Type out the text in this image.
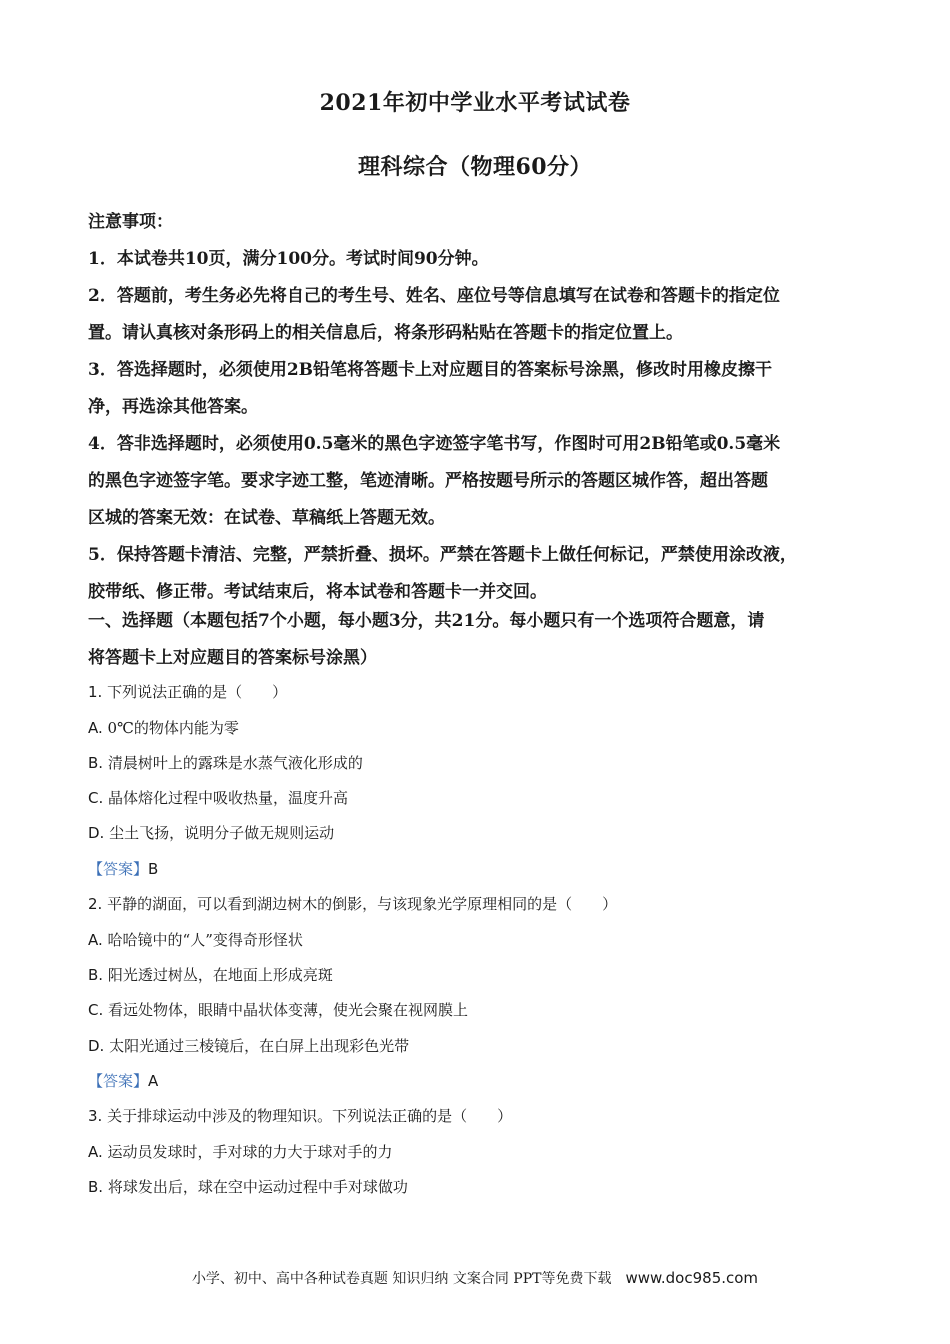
2021年初中学业水平考试试卷
理科综合（物理60分）
注意事项：
1．本试卷共10页，满分100分。考试时间90分钟。
2．答题前，考生务必先将自己的考生号、姓名、座位号等信息填写在试卷和答题卡的指定位
置。请认真核对条形码上的相关信息后，将条形码粘贴在答题卡的指定位置上。
3．答选择题时，必须使用2B铅笔将答题卡上对应题目的答案标号涂黑，修改时用橡皮擦干
净，再选涂其他答案。
4．答非选择题时，必须使用0.5毫米的黑色字迹签字笔书写，作图时可用2B铅笔或0.5毫米
的黑色字迹签字笔。要求字迹工整，笔迹清晰。严格按题号所示的答题区城作答，超出答题
区城的答案无效：在试卷、草稿纸上答题无效。
5．保持答题卡清洁、完整，严禁折叠、损坏。严禁在答题卡上做任何标记，严禁使用涂改液，
胶带纸、修正带。考试结束后，将本试卷和答题卡一并交回。
一、选择题（本题包括7个小题，每小题3分，共21分。每小题只有一个选项符合题意，请
将答题卡上对应题目的答案标号涂黑）
1. 下列说法正确的是（　　）
A. 0℃的物体内能为零
B. 清晨树叶上的露珠是水蒸气液化形成的
C. 晶体熔化过程中吸收热量，温度升高
D. 尘土飞扬，说明分子做无规则运动
【答案】B
2. 平静的湖面，可以看到湖边树木的倒影，与该现象光学原理相同的是（　　）
A. 哈哈镜中的“人”变得奇形怪状
B. 阳光透过树丛，在地面上形成亮斑
C. 看远处物体，眼睛中晶状体变薄，使光会聚在视网膜上
D. 太阳光通过三棱镜后，在白屏上出现彩色光带
【答案】A
3. 关于排球运动中涉及的物理知识。下列说法正确的是（　　）
A. 运动员发球时，手对球的力大于球对手的力
B. 将球发出后，球在空中运动过程中手对球做功
小学、初中、高中各种试卷真题 知识归纳 文案合同 PPT等免费下载 www.doc985.com
